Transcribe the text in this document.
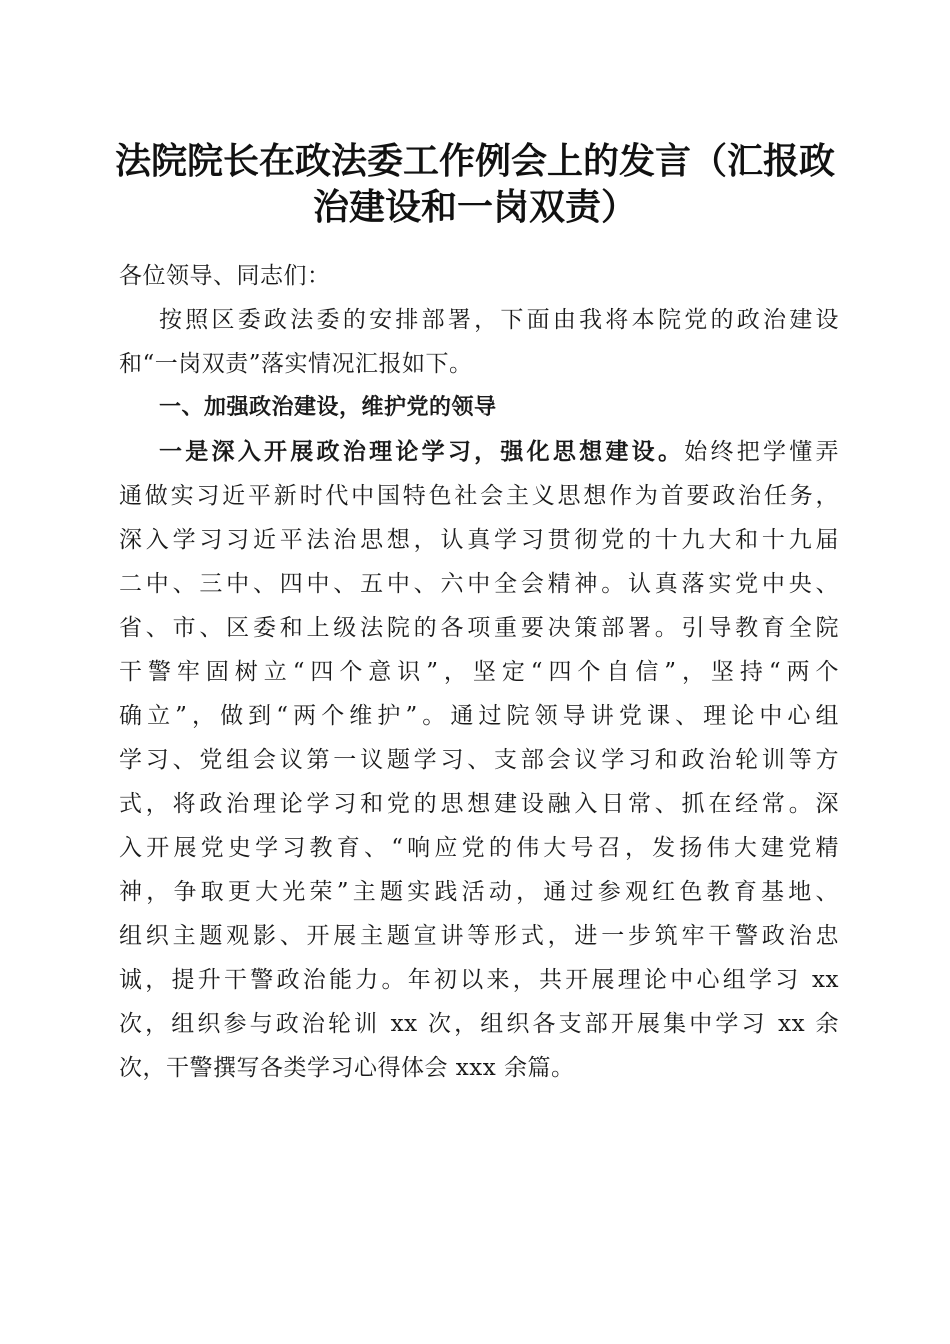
法院院长在政法委工作例会上的发言（汇报政
治建设和一岗双责）
各位领导、同志们：
按照区委政法委的安排部署，下面由我将本院党的政治建设
和“一岗双责”落实情况汇报如下。
一、加强政治建设，维护党的领导
一是深入开展政治理论学习，强化思想建设。始终把学懂弄
通做实习近平新时代中国特色社会主义思想作为首要政治任务，
深入学习习近平法治思想，认真学习贯彻党的十九大和十九届
二中、三中、四中、五中、六中全会精神。认真落实党中央、
省、市、区委和上级法院的各项重要决策部署。引导教育全院
干警牢固树立“四个意识”，坚定“四个自信”，坚持“两个
确立”，做到“两个维护”。通过院领导讲党课、理论中心组
学习、党组会议第一议题学习、支部会议学习和政治轮训等方
式，将政治理论学习和党的思想建设融入日常、抓在经常。深
入开展党史学习教育、“响应党的伟大号召，发扬伟大建党精
神，争取更大光荣”主题实践活动，通过参观红色教育基地、
组织主题观影、开展主题宣讲等形式，进一步筑牢干警政治忠
诚，提升干警政治能力。年初以来，共开展理论中心组学习 xx
次，组织参与政治轮训 xx 次，组织各支部开展集中学习 xx 余
次，干警撰写各类学习心得体会 xxx 余篇。
